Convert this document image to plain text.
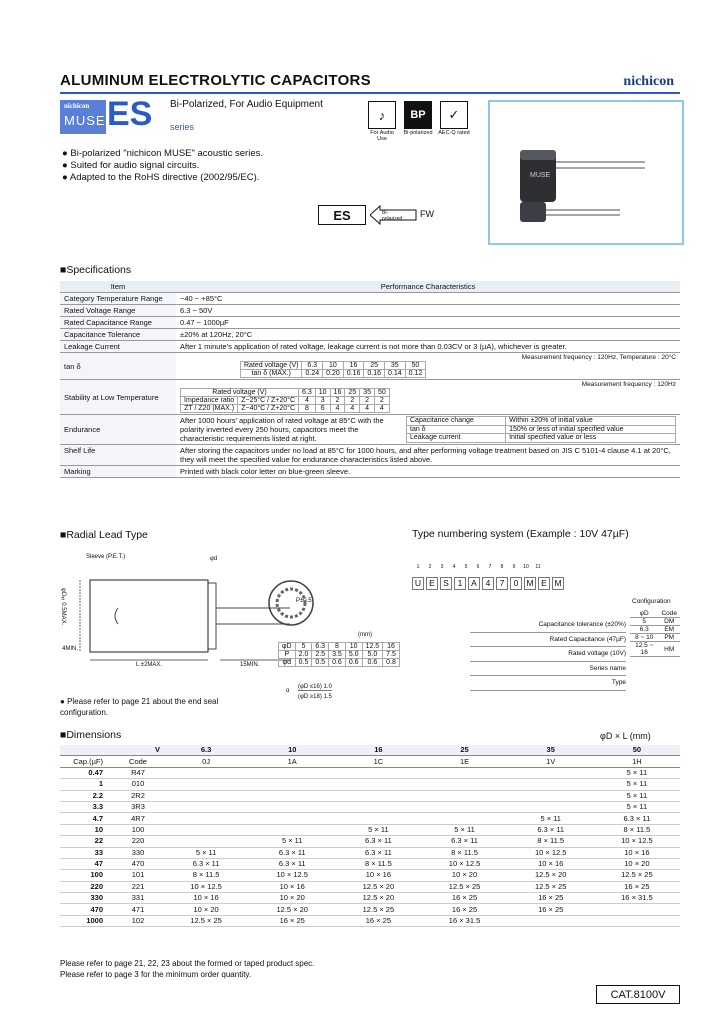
ALUMINUM ELECTROLYTIC CAPACITORS	nichicon
nichicon
MUSE ES Bi-Polarized, For Audio Equipment
series
♪
For Audio Use
BP
Bi-polarized
✓
AEC-Q rated
● Bi-polarized "nichicon MUSE" acoustic series.
● Suited for audio signal circuits.
● Adapted to the RoHS directive (2002/95/EC).	MUSE
ES	Bi-polarized FW
■Specifications
Item	Performance Characteristics
Category Temperature Range	−40 ~ +85°C
Rated Voltage Range	6.3 ~ 50V
Rated Capacitance Range	0.47 ~ 1000µF
Capacitance Tolerance	±20% at 120Hz, 20°C
Leakage Current	After 1 minute's application of rated voltage, leakage current is not more than 0.03CV or 3 (µA), whichever is greater.
tan δ	
Measurement frequency : 120Hz, Temperature : 20°C
Rated voltage (V)	6.3	10	16	25	35	50
tan δ (MAX.)	0.24	0.20	0.16	0.16	0.14	0.12

Stability at Low Temperature	
Measurement frequency : 120Hz
Rated voltage (V)	6.3	10	16	25	35	50
Impedance ratio	Z−25°C / Z+20°C	4	3	2	2	2	2
ZT / Z20 (MAX.)	Z−40°C / Z+20°C	8	6	4	4	4	4

Endurance	
After 1000 hours' application of rated voltage at 85°C with the polarity inverted every 250 hours, capacitors meet the characteristic requirements listed at right.
Capacitance change	Within ±20% of initial value
tan δ	150% or less of initial specified value
Leakage current	Initial specified value or less

Shelf Life	After storing the capacitors under no load at 85°C for 1000 hours, and after performing voltage treatment based on JIS C 5101-4 clause 4.1 at 20°C, they will meet the specified value for endurance characteristics listed above.
Marking	Printed with black color letter on blue-green sleeve.
■Radial Lead Type
Sleeve (P.E.T.)	φd
L ±2MAX.	15MIN.
4MIN.
P±0.5
φD±0.5MAX.
(mm)
φD	5	6.3	8	10	12.5	16
P	2.0	2.5	3.5	5.0	5.0	7.5
φd	0.5	0.5	0.6	0.6	0.6	0.8
α
(φD ≤16) 1.0
(φD ≥18) 1.5
● Please refer to page 21 about the end seal
configuration.
Type numbering system (Example : 10V 47µF)
1 2 3 4 5 6 7 8 9 10 11
U E S 1 A 4 7 0 M E M
Capacitance tolerance (±20%)
Rated Capacitance (47µF)
Rated voltage (10V)
Series name
Type
Configuration
φD	Code
5	DM
6.3	EM
8 ~ 10	PM
12.5 ~ 16	HM
■Dimensions	φD × L (mm)
V		6.3	10	16	25	35	50
Cap.(µF)	Code	0J	1A	1C	1E	1V	1H
0.47	R47						5 × 11
1	010						5 × 11
2.2	2R2						5 × 11
3.3	3R3						5 × 11
4.7	4R7					5 × 11	6.3 × 11
10	100			5 × 11	5 × 11	6.3 × 11	8 × 11.5
22	220		5 × 11	6.3 × 11	6.3 × 11	8 × 11.5	10 × 12.5
33	330	5 × 11	6.3 × 11	6.3 × 11	8 × 11.5	10 × 12.5	10 × 16
47	470	6.3 × 11	6.3 × 11	8 × 11.5	10 × 12.5	10 × 16	10 × 20
100	101	8 × 11.5	10 × 12.5	10 × 16	10 × 20	12.5 × 20	12.5 × 25
220	221	10 × 12.5	10 × 16	12.5 × 20	12.5 × 25	12.5 × 25	16 × 25
330	331	10 × 16	10 × 20	12.5 × 20	16 × 25	16 × 25	16 × 31.5
470	471	10 × 20	12.5 × 20	12.5 × 25	16 × 25	16 × 25	
1000	102	12.5 × 25	16 × 25	16 × 25	16 × 31.5		
Please refer to page 21, 22, 23 about the formed or taped product spec.
Please refer to page 3 for the minimum order quantity.
CAT.8100V
